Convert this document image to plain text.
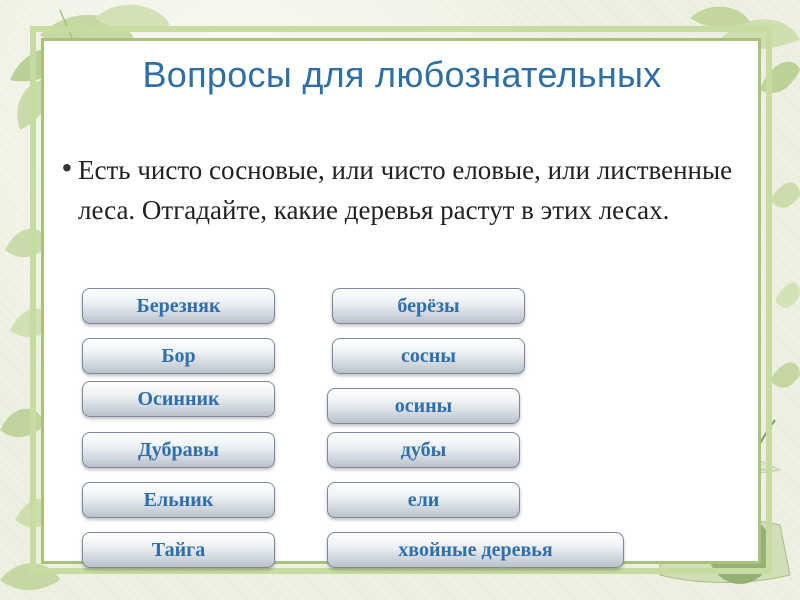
Вопросы для любознательных
• Есть чисто сосновые, или чисто еловые, или лиственные леса. Отгадайте, какие деревья растут в этих лесах.
Березняк
Бор
Осинник
Дубравы
Ельник
Тайга
берёзы
сосны
осины
дубы
ели
хвойные деревья
